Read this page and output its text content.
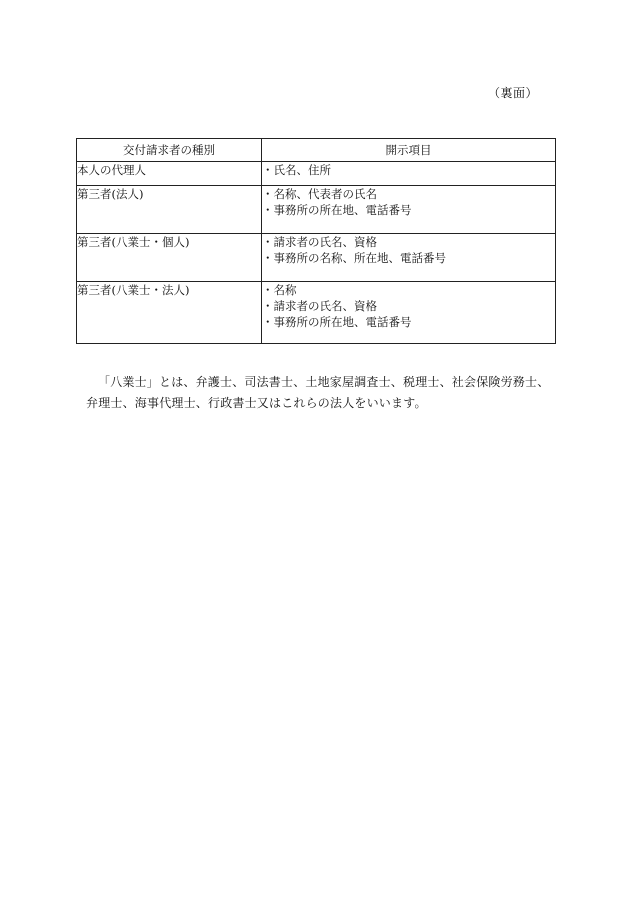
（裏面）
交付請求者の種別	開示項目
本人の代理人	・氏名、住所

第三者(法人)	・名称、代表者の氏名
・事務所の所在地、電話番号

第三者(八業士・個人)	・請求者の氏名、資格
・事務所の名称、所在地、電話番号

第三者(八業士・法人)	・名称
・請求者の氏名、資格
・事務所の所在地、電話番号

「八業士」とは、弁護士、司法書士、土地家屋調査士、税理士、社会保険労務士、弁理士、海事代理士、行政書士又はこれらの法人をいいます。
